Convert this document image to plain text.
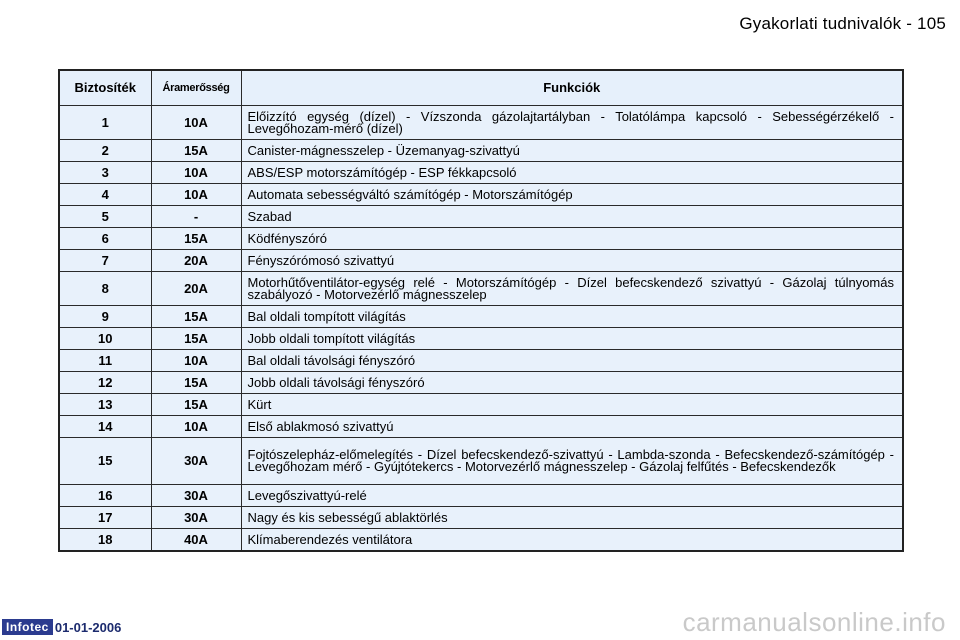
Gyakorlati tudnivalók - 105
Biztosíték	Áramerősség	Funkciók
1	10A	Előizzító egység (dízel) - Vízszonda gázolajtartályban - Tolatólámpa kapcsoló - Sebességérzékelő - Levegőhozam-mérő (dízel)
2	15A	Canister-mágnesszelep - Üzemanyag-szivattyú
3	10A	ABS/ESP motorszámítógép - ESP fékkapcsoló
4	10A	Automata sebességváltó számítógép - Motorszámítógép
5	-	Szabad
6	15A	Ködfényszóró
7	20A	Fényszórómosó szivattyú
8	20A	Motorhűtőventilátor-egység relé - Motorszámítógép - Dízel befecskendező szivattyú - Gázolaj túlnyomás szabályozó - Motorvezérlő mágnesszelep
9	15A	Bal oldali tompított világítás
10	15A	Jobb oldali tompított világítás
11	10A	Bal oldali távolsági fényszóró
12	15A	Jobb oldali távolsági fényszóró
13	15A	Kürt
14	10A	Első ablakmosó szivattyú
15	30A	Fojtószelepház-előmelegítés - Dízel befecskendező-szivattyú - Lambda-szonda - Befecskendező-számítógép - Levegőhozam mérő - Gyújtótekercs - Motorvezérlő mágnesszelep - Gázolaj felfűtés - Befecskendezők
16	30A	Levegőszivattyú-relé
17	30A	Nagy és kis sebességű ablaktörlés
18	40A	Klímaberendezés ventilátora
Infotec 01-01-2006	carmanualsonline.info
